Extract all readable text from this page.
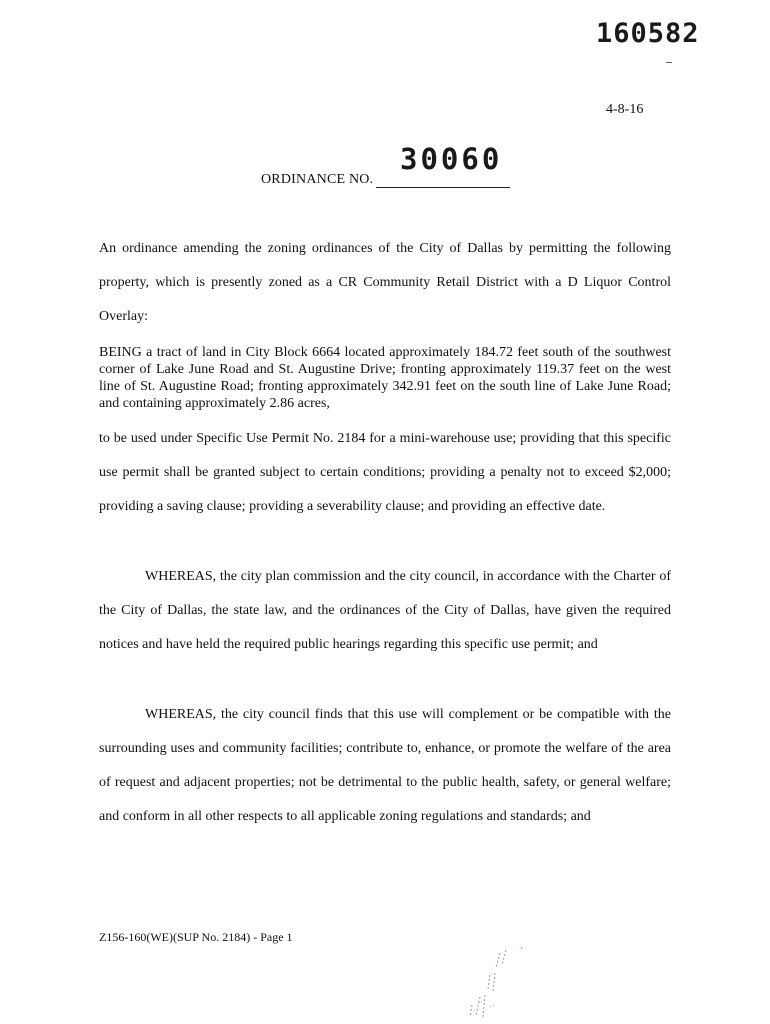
160582
4-8-16
ORDINANCE NO.
30060

An ordinance amending the zoning ordinances of the City of Dallas by permitting the following property, which is presently zoned as a CR Community Retail District with a D Liquor Control Overlay:

BEING a tract of land in City Block 6664 located approximately 184.72 feet south of the southwest corner of Lake June Road and St. Augustine Drive; fronting approximately 119.37 feet on the west line of St. Augustine Road; fronting approximately 342.91 feet on the south line of Lake June Road; and containing approximately 2.86 acres,

to be used under Specific Use Permit No. 2184 for a mini-warehouse use; providing that this specific use permit shall be granted subject to certain conditions; providing a penalty not to exceed $2,000; providing a saving clause; providing a severability clause; and providing an effective date.

WHEREAS, the city plan commission and the city council, in accordance with the Charter of the City of Dallas, the state law, and the ordinances of the City of Dallas, have given the required notices and have held the required public hearings regarding this specific use permit; and

WHEREAS, the city council finds that this use will complement or be compatible with the surrounding uses and community facilities; contribute to, enhance, or promote the welfare of the area of request and adjacent properties; not be detrimental to the public health, safety, or general welfare; and conform in all other respects to all applicable zoning regulations and standards; and

Z156-160(WE)(SUP No. 2184) - Page 1
